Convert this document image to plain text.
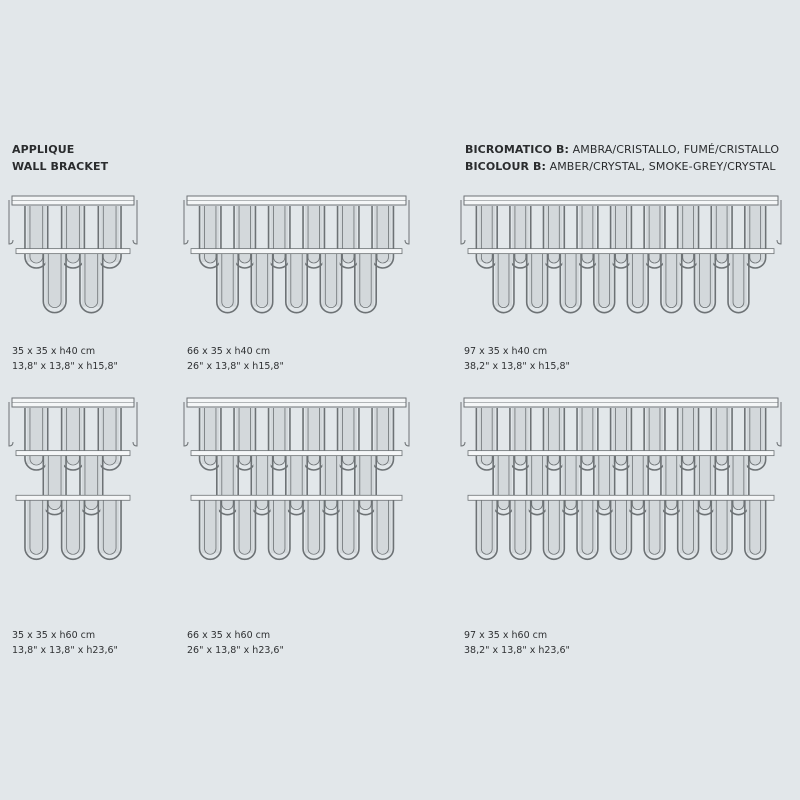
APPLIQUE
WALL BRACKET
BICROMATICO B: AMBRA/CRISTALLO, FUMÉ/CRISTALLO
BICOLOUR B: AMBER/CRYSTAL, SMOKE-GREY/CRYSTAL
35 x 35 x h40 cm
13,8" x 13,8" x h15,8"
66 x 35 x h40 cm
26" x 13,8" x h15,8"
97 x 35 x h40 cm
38,2" x 13,8" x h15,8"
35 x 35 x h60 cm
13,8" x 13,8" x h23,6"
66 x 35 x h60 cm
26" x 13,8" x h23,6"
97 x 35 x h60 cm
38,2" x 13,8" x h23,6"
